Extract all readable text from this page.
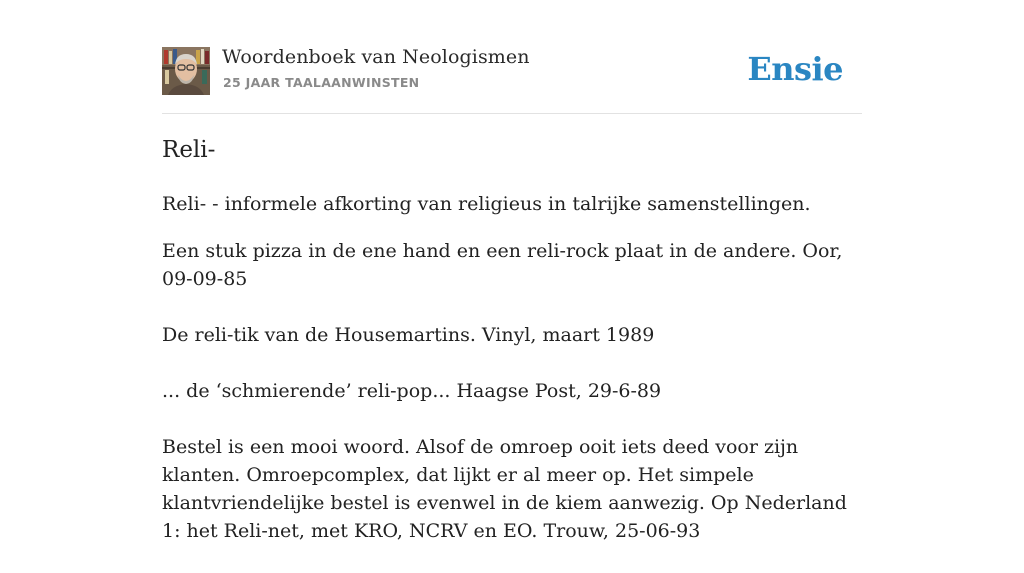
Woordenboek van Neologismen
25 JAAR TAALAANWINSTEN	Ensie
Reli-

Reli- - informele afkorting van religieus in talrijke samenstellingen.

Een stuk pizza in de ene hand en een reli-rock plaat in de andere. Oor, 09-09-85

De reli-tik van de Housemartins. Vinyl, maart 1989

... de ‘schmierende’ reli-pop... Haagse Post, 29-6-89

Bestel is een mooi woord. Alsof de omroep ooit iets deed voor zijn klanten. Omroepcomplex, dat lijkt er al meer op. Het simpele klantvriendelijke bestel is evenwel in de kiem aanwezig. Op Nederland 1: het Reli-net, met KRO, NCRV en EO. Trouw, 25-06-93
